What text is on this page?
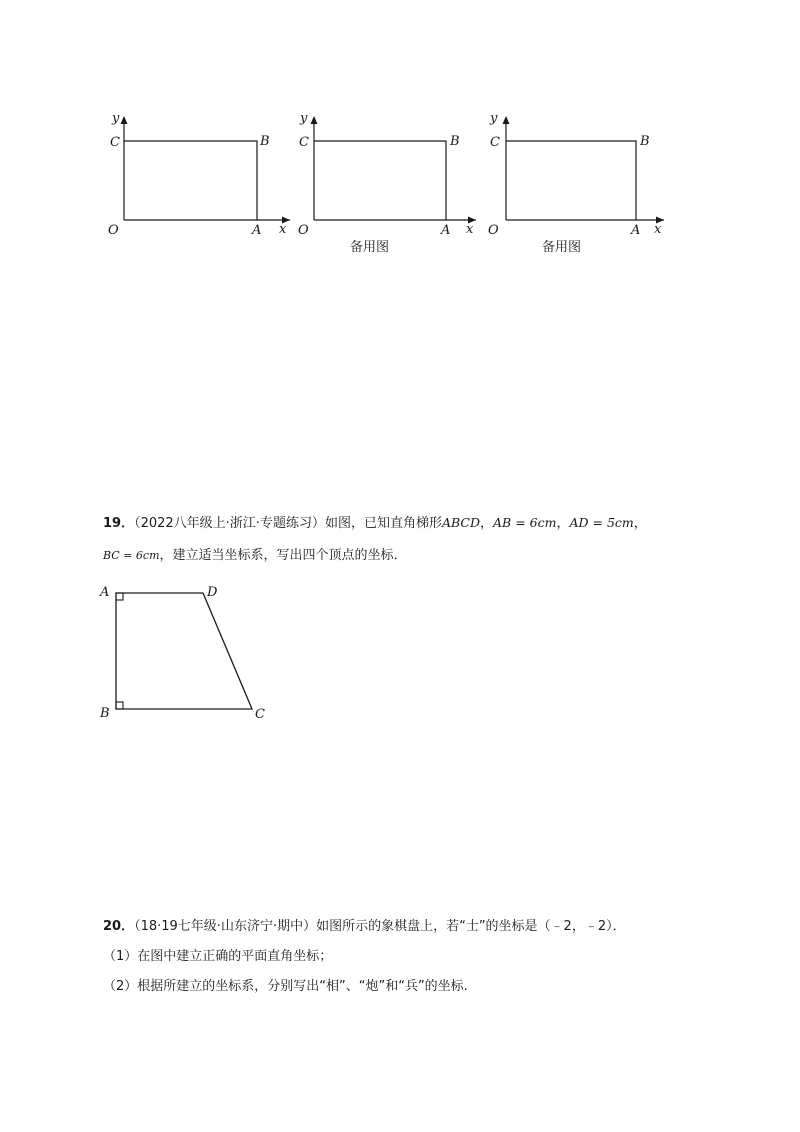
y
C	B
O	A x
y
C	B
O	A x
备用图
y
C	B
O	A x
备用图
19．（2022八年级上·浙江·专题练习）如图，已知直角梯形ABCD，AB = 6cm，AD = 5cm，
BC = 6cm，建立适当坐标系，写出四个顶点的坐标．
A	D
B	C
20．（18·19七年级·山东济宁·期中）如图所示的象棋盘上，若“士”的坐标是（﹣2，﹣2）．
（1）在图中建立正确的平面直角坐标；
（2）根据所建立的坐标系，分别写出“相”、“炮”和“兵”的坐标.
